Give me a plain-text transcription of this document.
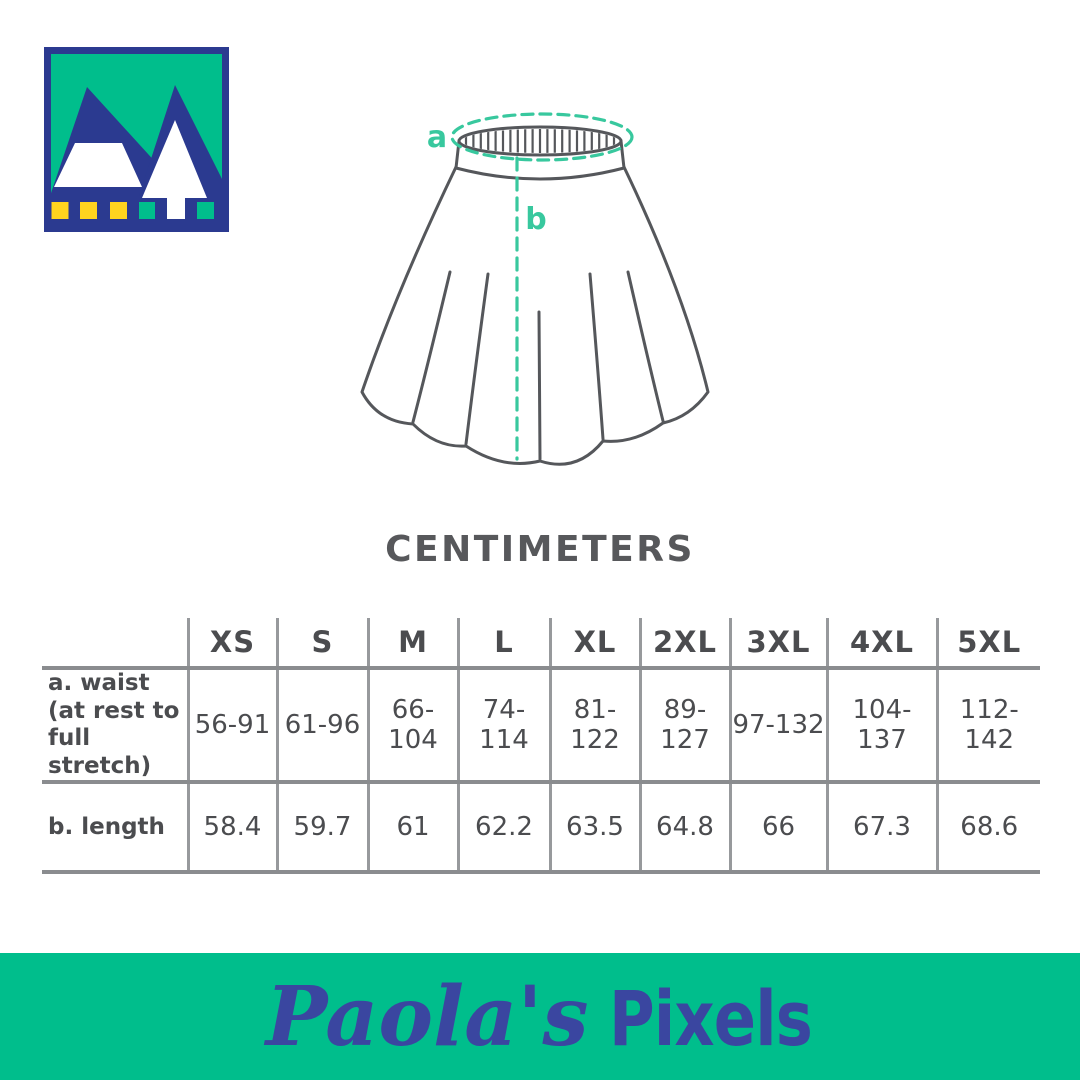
a
b
CENTIMETERS
	XS	S	M	L	XL	2XL	3XL	4XL	5XL
a. waist (at rest to full stretch)	56-91	61-96	66-104	74-114	81-122	89-127	97-132	104-137	112-142
b. length	58.4	59.7	61	62.2	63.5	64.8	66	67.3	68.6
Paola's Pixels
